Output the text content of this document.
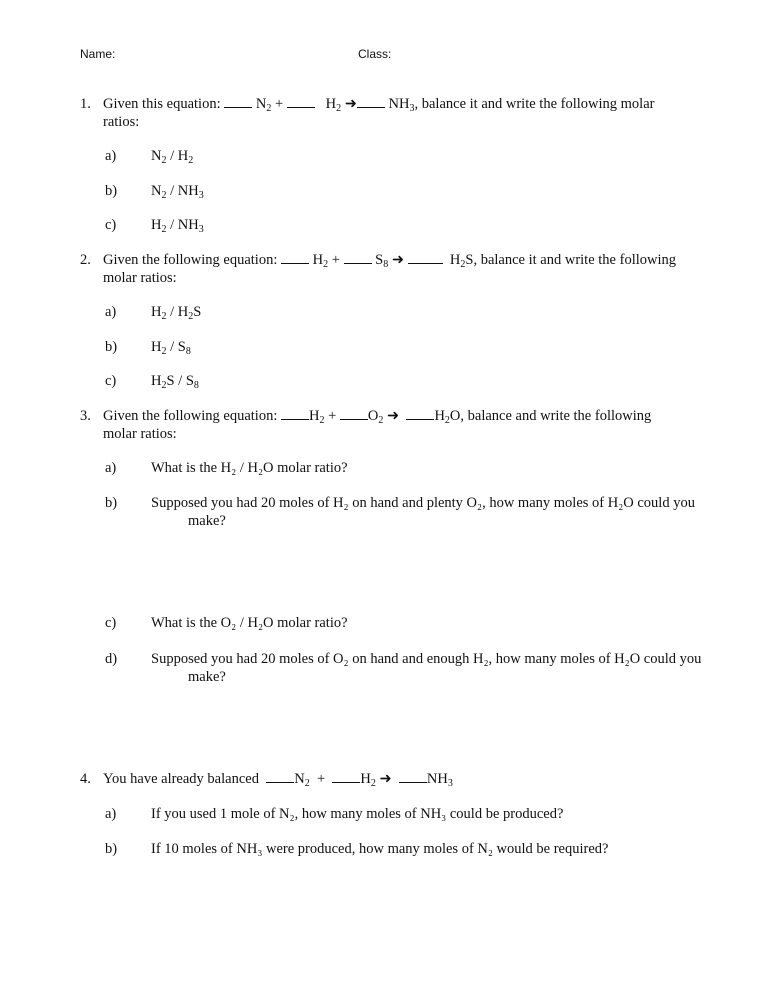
Name:	Class:
1. Given this equation:  $N_2$ +    $H_2$ ➜ $NH_3$, balance it and write the following molar
ratios:
a)	$N_2 / H_2$
b)	$N_2 / NH_3$
c)	$H_2 / NH_3$
2. Given the following equation:  $H_2 + S_8$ ➜	$H_2S$, balance it and write the following
molar ratios:
a)	$H_2 / H_2S$
b)	$H_2 / S_8$
c)	$H_2S / S_8$
3. Given the following equation: $H_2 + O_2$ ➜ $H_2O$, balance and write the following
molar ratios:
a)	What is the H₂ / H₂O molar ratio?
b)	Supposed you had 20 moles of H₂ on hand and plenty O₂, how many moles of H₂O could you
make?
c)	What is the O₂ / H₂O molar ratio?
d)	Supposed you had 20 moles of O₂ on hand and enough H₂, how many moles of H₂O could you
make?
4. You have already balanced $N_2 + H_2$ ➜ $NH_3$
a)	If you used 1 mole of N₂, how many moles of NH₃ could be produced?
b)	If 10 moles of NH₃ were produced, how many moles of N₂ would be required?
